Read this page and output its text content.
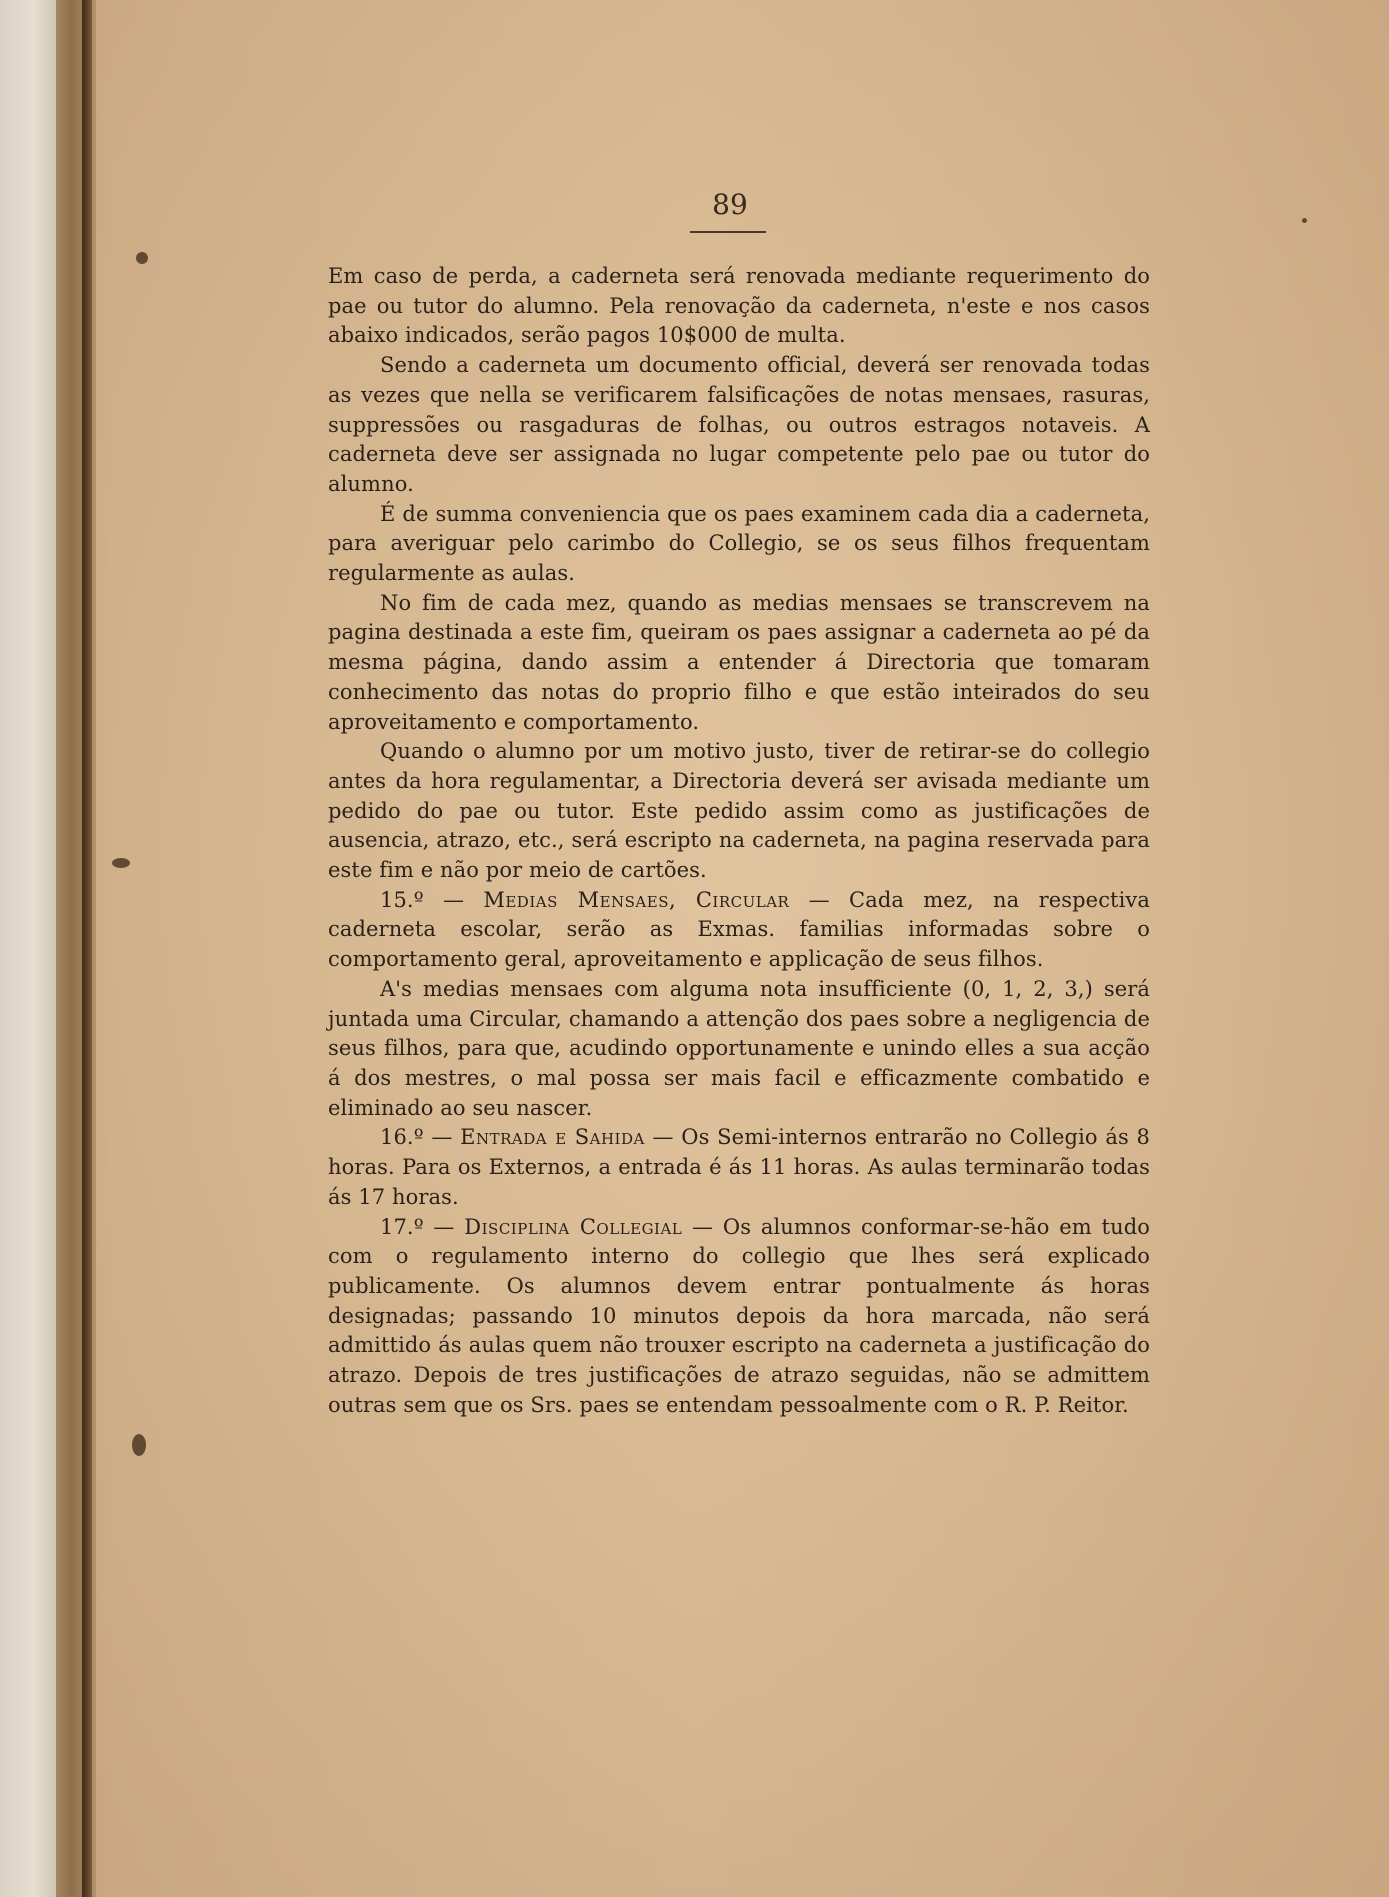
89

Em caso de perda, a caderneta será renovada mediante requerimento do pae ou tutor do alumno. Pela renovação da caderneta, n'este e nos casos abaixo indicados, serão pagos 10$000 de multa.

Sendo a caderneta um documento official, deverá ser renovada todas as vezes que nella se verificarem falsificações de notas mensaes, rasuras, suppressões ou rasgaduras de folhas, ou outros estragos notaveis. A caderneta deve ser assignada no lugar competente pelo pae ou tutor do alumno.

É de summa conveniencia que os paes examinem cada dia a caderneta, para averiguar pelo carimbo do Collegio, se os seus filhos frequentam regularmente as aulas.

No fim de cada mez, quando as medias mensaes se transcrevem na pagina destinada a este fim, queiram os paes assignar a caderneta ao pé da mesma página, dando assim a entender á Directoria que tomaram conhecimento das notas do proprio filho e que estão inteirados do seu aproveitamento e comportamento.

Quando o alumno por um motivo justo, tiver de retirar-se do collegio antes da hora regulamentar, a Directoria deverá ser avisada mediante um pedido do pae ou tutor. Este pedido assim como as justificações de ausencia, atrazo, etc., será escripto na caderneta, na pagina reservada para este fim e não por meio de cartões.

15.º — Medias Mensaes, Circular — Cada mez, na respectiva caderneta escolar, serão as Exmas. familias informadas sobre o comportamento geral, aproveitamento e applicação de seus filhos.

A's medias mensaes com alguma nota insufficiente (0, 1, 2, 3,) será juntada uma Circular, chamando a attenção dos paes sobre a negligencia de seus filhos, para que, acudindo opportunamente e unindo elles a sua acção á dos mestres, o mal possa ser mais facil e efficazmente combatido e eliminado ao seu nascer.

16.º — Entrada e Sahida — Os Semi-internos entrarão no Collegio ás 8 horas. Para os Externos, a entrada é ás 11 horas. As aulas terminarão todas ás 17 horas.

17.º — Disciplina Collegial — Os alumnos conformar-se-hão em tudo com o regulamento interno do collegio que lhes será explicado publicamente. Os alumnos devem entrar pontualmente ás horas designadas; passando 10 minutos depois da hora marcada, não será admittido ás aulas quem não trouxer escripto na caderneta a justificação do atrazo. Depois de tres justificações de atrazo seguidas, não se admittem outras sem que os Srs. paes se entendam pessoalmente com o R. P. Reitor.
